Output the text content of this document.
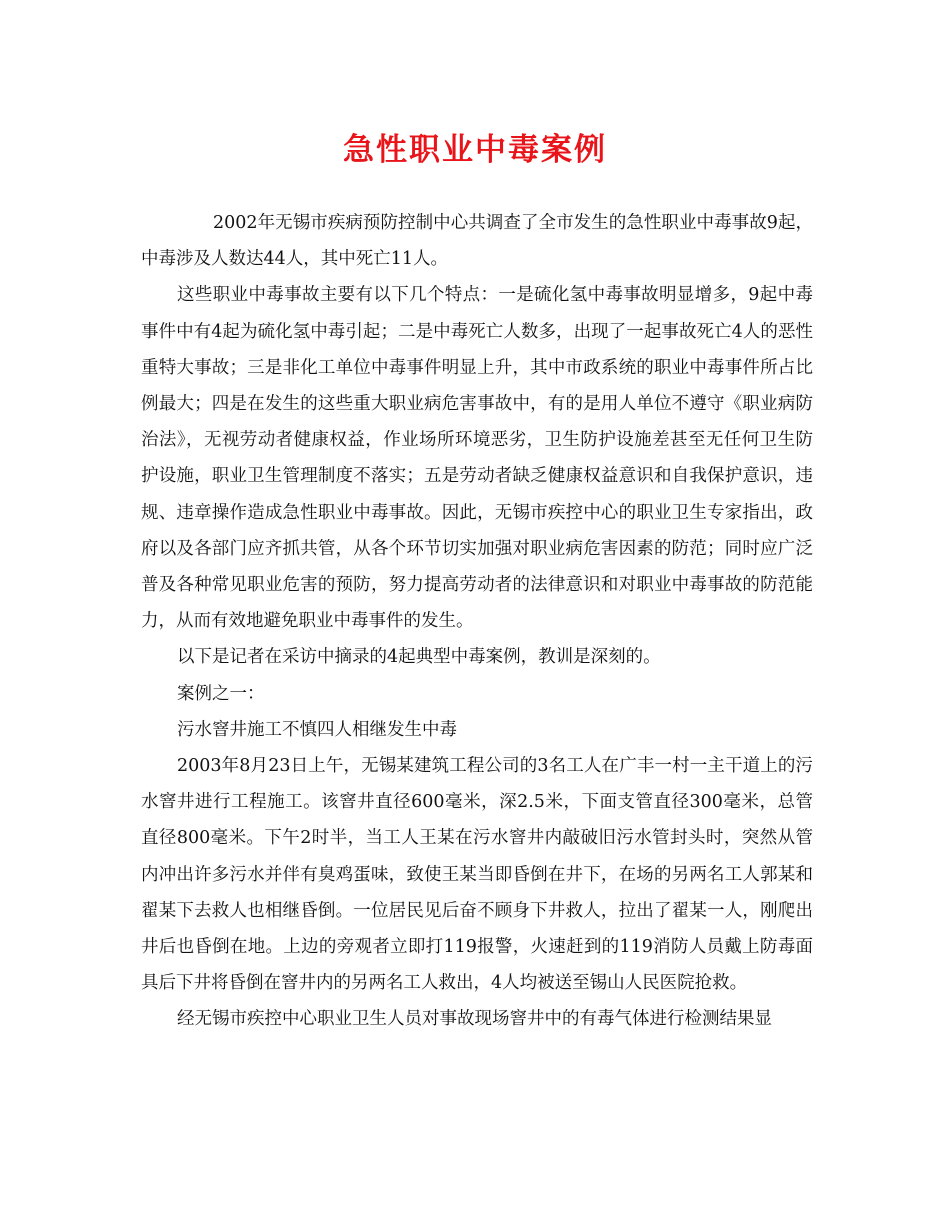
急性职业中毒案例

2002年无锡市疾病预防控制中心共调查了全市发生的急性职业中毒事故9起，中毒涉及人数达44人，其中死亡11人。

这些职业中毒事故主要有以下几个特点：一是硫化氢中毒事故明显增多，9起中毒事件中有4起为硫化氢中毒引起；二是中毒死亡人数多，出现了一起事故死亡4人的恶性重特大事故；三是非化工单位中毒事件明显上升，其中市政系统的职业中毒事件所占比例最大；四是在发生的这些重大职业病危害事故中，有的是用人单位不遵守《职业病防治法》，无视劳动者健康权益，作业场所环境恶劣，卫生防护设施差甚至无任何卫生防护设施，职业卫生管理制度不落实；五是劳动者缺乏健康权益意识和自我保护意识，违规、违章操作造成急性职业中毒事故。因此，无锡市疾控中心的职业卫生专家指出，政府以及各部门应齐抓共管，从各个环节切实加强对职业病危害因素的防范；同时应广泛普及各种常见职业危害的预防，努力提高劳动者的法律意识和对职业中毒事故的防范能力，从而有效地避免职业中毒事件的发生。

以下是记者在采访中摘录的4起典型中毒案例，教训是深刻的。

案例之一：

污水窨井施工不慎四人相继发生中毒

2003年8月23日上午，无锡某建筑工程公司的3名工人在广丰一村一主干道上的污水窨井进行工程施工。该窨井直径600毫米，深2.5米，下面支管直径300毫米，总管直径800毫米。下午2时半，当工人王某在污水窨井内敲破旧污水管封头时，突然从管内冲出许多污水并伴有臭鸡蛋味，致使王某当即昏倒在井下，在场的另两名工人郭某和翟某下去救人也相继昏倒。一位居民见后奋不顾身下井救人，拉出了翟某一人，刚爬出井后也昏倒在地。上边的旁观者立即打119报警，火速赶到的119消防人员戴上防毒面具后下井将昏倒在窨井内的另两名工人救出，4人均被送至锡山人民医院抢救。

经无锡市疾控中心职业卫生人员对事故现场窨井中的有毒气体进行检测结果显
